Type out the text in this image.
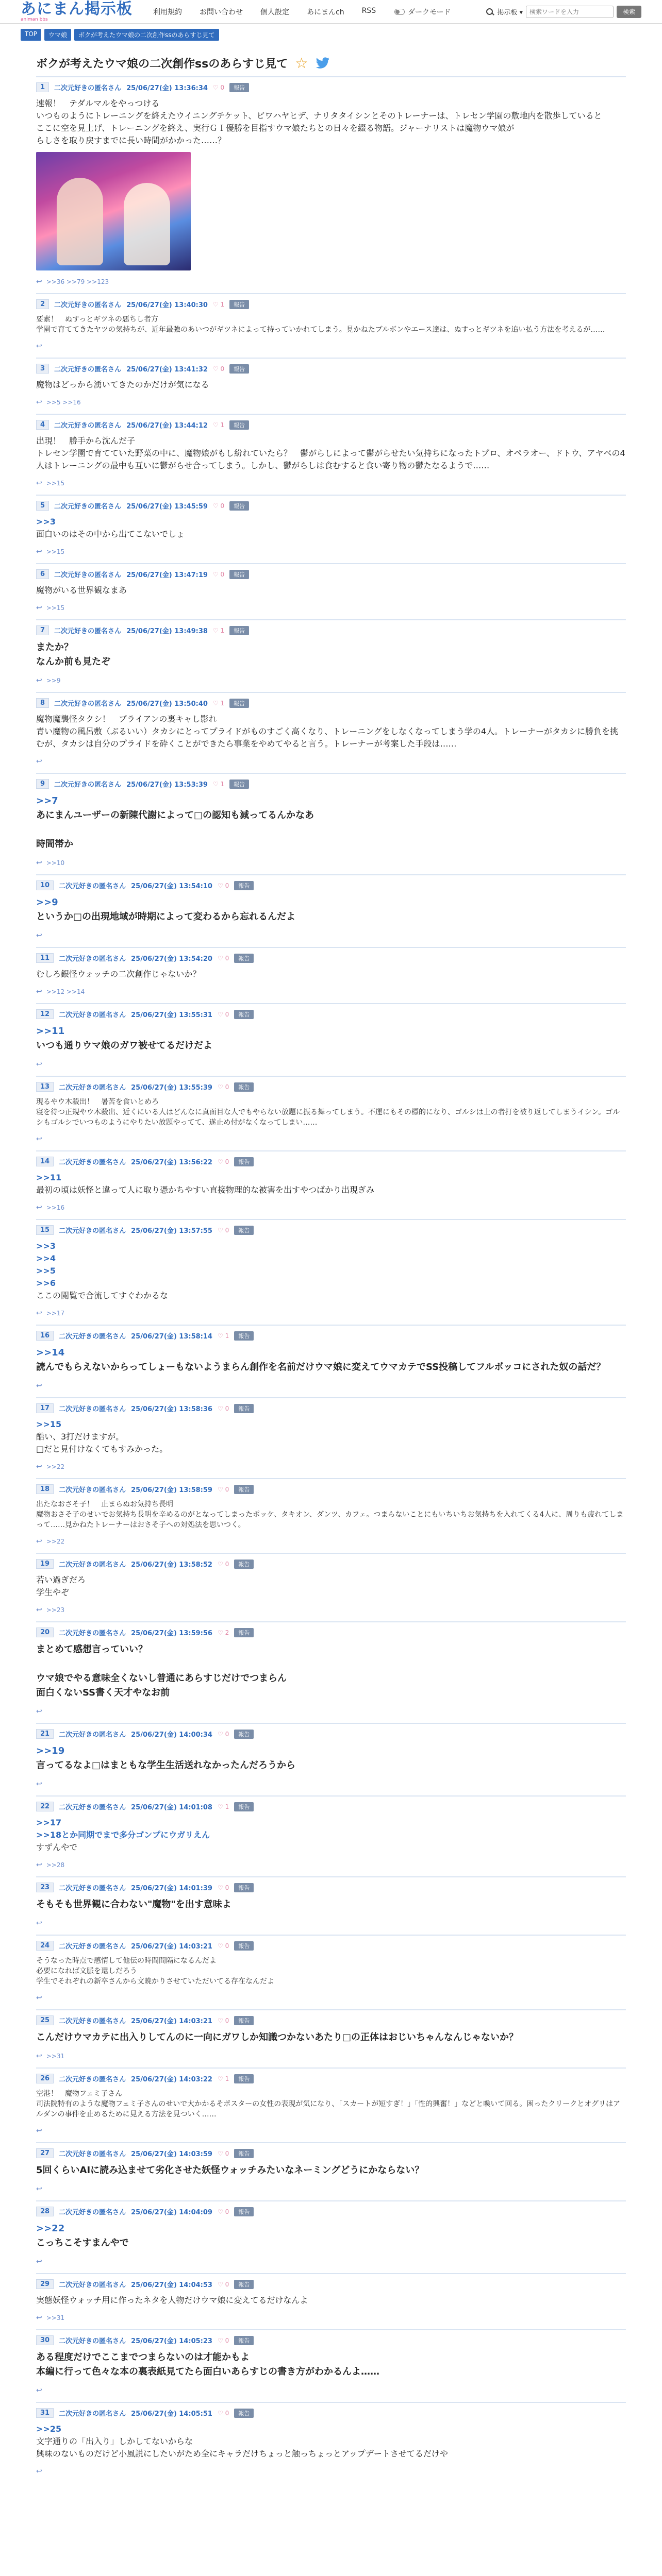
あにまん掲示板
animan bbs
利用規約 お問い合わせ 個人設定 あにまんch RSS	ダークモード	掲示板 ▾
検索ワードを入力	検索
TOP	ウマ娘	ボクが考えたウマ娘の二次創作ssのあらすじ見て
ボクが考えたウマ娘の二次創作ssのあらすじ見て ☆
1	二次元好きの匿名さん 25/06/27(金) 13:36:34 ♡ 0	報告
速報！　テダルマルをやっつける
いつものようにトレーニングを終えたウイニングチケット、ビワハヤヒデ、ナリタタイシンとそのトレーナーは、トレセン学園の敷地内を散歩していると
ここに空を見上げ、トレーニングを終え、実行ＧＩ優勝を目指すウマ娘たちとの日々を綴る物語。ジャーナリストは魔物ウマ娘が
らしさを取り戻すまでに長い時間がかかった……？
↩ >>36 >>79 >>123
2	二次元好きの匿名さん 25/06/27(金) 13:40:30 ♡ 1	報告
要素！　ぬすっとギツネの悪ちし者方
学園で育ててきたヤツの気持ちが、近年最強のあいつがギツネによって持っていかれてしまう。見かねたブルボンやエース達は、ぬすっとギツネを追い払う方法を考えるが……
↩
3	二次元好きの匿名さん 25/06/27(金) 13:41:32 ♡ 0	報告
魔物はどっから湧いてきたのかだけが気になる
↩ >>5 >>16
4	二次元好きの匿名さん 25/06/27(金) 13:44:12 ♡ 1	報告
出現！　勝手から沈んだ子
トレセン学園で育てていた野菜の中に、魔物娘がもし紛れていたら？　鬱がらしによって鬱がらせたい気持ちになったトプロ、オペラオー、ドトウ、アヤベの4人はトレーニングの最中も互いに鬱がらせ合ってしまう。しかし、鬱がらしは食むすると食い寄り物の鬱たなるようで……
↩ >>15
5	二次元好きの匿名さん 25/06/27(金) 13:45:59 ♡ 0	報告
>>3
面白いのはその中から出てこないでしょ
↩ >>15
6	二次元好きの匿名さん 25/06/27(金) 13:47:19 ♡ 0	報告
魔物がいる世界観なまあ
↩ >>15
7	二次元好きの匿名さん 25/06/27(金) 13:49:38 ♡ 1	報告
またか？
なんか前も見たぞ
↩ >>9
8	二次元好きの匿名さん 25/06/27(金) 13:50:40 ♡ 1	報告
魔物魔襲怪タクシ！　ブライアンの裏キャし影れ
青い魔物の風呂敷（ぶるいい）タカシにとってプライドがものすごく高くなり、トレーニングをしなくなってしまう学の4人。トレーナーがタカシに勝負を挑むが、タカシは自分のプライドを砕くことができたら事業をやめてやると言う。トレーナーが考案した手段は……
↩
9	二次元好きの匿名さん 25/06/27(金) 13:53:39 ♡ 1	報告
>>7
あにまんユーザーの新陳代謝によって□の認知も減ってるんかなあ

時間帯か
↩ >>10
10	二次元好きの匿名さん 25/06/27(金) 13:54:10 ♡ 0	報告
>>9
というか□の出現地域が時期によって変わるから忘れるんだよ
↩
11	二次元好きの匿名さん 25/06/27(金) 13:54:20 ♡ 0	報告
むしろ銀怪ウォッチの二次創作じゃないか？
↩ >>12 >>14
12	二次元好きの匿名さん 25/06/27(金) 13:55:31 ♡ 0	報告
>>11
いつも通りウマ娘のガワ被せてるだけだよ
↩
13	二次元好きの匿名さん 25/06/27(金) 13:55:39 ♡ 0	報告
現るやウ木殺出！　暑苦を食いとめろ
寝を待つ正規やウ木殺出、近くにいる人はどんなに真面目な人でもやらない放題に振る舞ってしまう。不運にもその標的になり、ゴルシは上の者打を被り返してしまうイシン。ゴルシもゴルシでいつものようにやりたい放題やってて、遂止め付がなくなってしまい……
↩
14	二次元好きの匿名さん 25/06/27(金) 13:56:22 ♡ 0	報告
>>11
最初の頃は妖怪と違って人に取り憑かちやすい直接物理的な被害を出すやつばかり出現ぎみ
↩ >>16
15	二次元好きの匿名さん 25/06/27(金) 13:57:55 ♡ 0	報告
>>3
>>4
>>5
>>6
ここの閲覧で合流してすぐわかるな
↩ >>17
16	二次元好きの匿名さん 25/06/27(金) 13:58:14 ♡ 1	報告
>>14
読んでもらえないからってしょーもないようまらん創作を名前だけウマ娘に変えてウマカテでSS投稿してフルボッコにされた奴の話だ？
↩
17	二次元好きの匿名さん 25/06/27(金) 13:58:36 ♡ 0	報告
>>15
酷い、3打だけますが。
□だと見付けなくてもすみかった。
↩ >>22
18	二次元好きの匿名さん 25/06/27(金) 13:58:59 ♡ 0	報告
出たなおさそ子！　止まらぬお気持ち長明
魔物おさそ子のせいでお気持ち長明を辛めるのがとなってしまったポッケ、タキオン、ダンツ、カフェ。つまらないことにもいちいちお気持ちを入れてくる4人に、周りも疲れてしまって……見かねたトレーナーはおさそ子への対処法を思いつく。
↩ >>22
19	二次元好きの匿名さん 25/06/27(金) 13:58:52 ♡ 0	報告
若い過ぎだろ
学生やぞ
↩ >>23
20	二次元好きの匿名さん 25/06/27(金) 13:59:56 ♡ 2	報告
まとめて感想言っていい？

ウマ娘でやる意味全くないし普通にあらすじだけでつまらん
面白くないSS書く天才やなお前
↩
21	二次元好きの匿名さん 25/06/27(金) 14:00:34 ♡ 0	報告
>>19
言ってるなよ□はまともな学生生活送れなかったんだろうから
↩
22	二次元好きの匿名さん 25/06/27(金) 14:01:08 ♡ 1	報告
>>17
>>18とか同期でまで多分ゴンプにウガリえん
すずんやで
↩ >>28
23	二次元好きの匿名さん 25/06/27(金) 14:01:39 ♡ 0	報告
そもそも世界観に合わない"魔物"を出す意味よ
↩
24	二次元好きの匿名さん 25/06/27(金) 14:03:21 ♡ 0	報告
そうなった時点で感情して他伝の時間間隔になるんだよ
必要になれば文脈を還しだろう
学生でそれぞれの新卒さんから文暁かりさせていただいてる存在なんだよ
↩
25	二次元好きの匿名さん 25/06/27(金) 14:03:21 ♡ 0	報告
こんだけウマカテに出入りしてんのに一向にガワしか知識つかないあたり□の正体はおじいちゃんなんじゃないか？
↩ >>31
26	二次元好きの匿名さん 25/06/27(金) 14:03:22 ♡ 1	報告
空港！　魔物フェミ子さん
司法院特有のような魔物フェミ子さんのせいで大かかるそポスターの女性の表現が気になり、「スカートが短すぎ！」「性的興奮！」などと喚いて回る。困ったクリークとオグリはアルダンの事件を止めるために見える方法を見ついく……
↩
27	二次元好きの匿名さん 25/06/27(金) 14:03:59 ♡ 0	報告
5回くらいAIに読み込ませて劣化させた妖怪ウォッチみたいなネーミングどうにかならない？
↩
28	二次元好きの匿名さん 25/06/27(金) 14:04:09 ♡ 0	報告
>>22
こっちこそすまんやで
↩
29	二次元好きの匿名さん 25/06/27(金) 14:04:53 ♡ 0	報告
実態妖怪ウォッチ用に作ったネタを人物だけウマ娘に変えてるだけなんよ
↩ >>31
30	二次元好きの匿名さん 25/06/27(金) 14:05:23 ♡ 0	報告
ある程度だけでここまでつまらないのは才能かもよ
本編に行って色々な本の裏表紙見てたら面白いあらすじの書き方がわかるんよ……
↩
31	二次元好きの匿名さん 25/06/27(金) 14:05:51 ♡ 0	報告
>>25
文字通りの「出入り」しかしてないからな
興味のないものだけど小風説にしたいがため全にキャラだけちょっと触っちょっとアップデートさせてるだけや
↩
